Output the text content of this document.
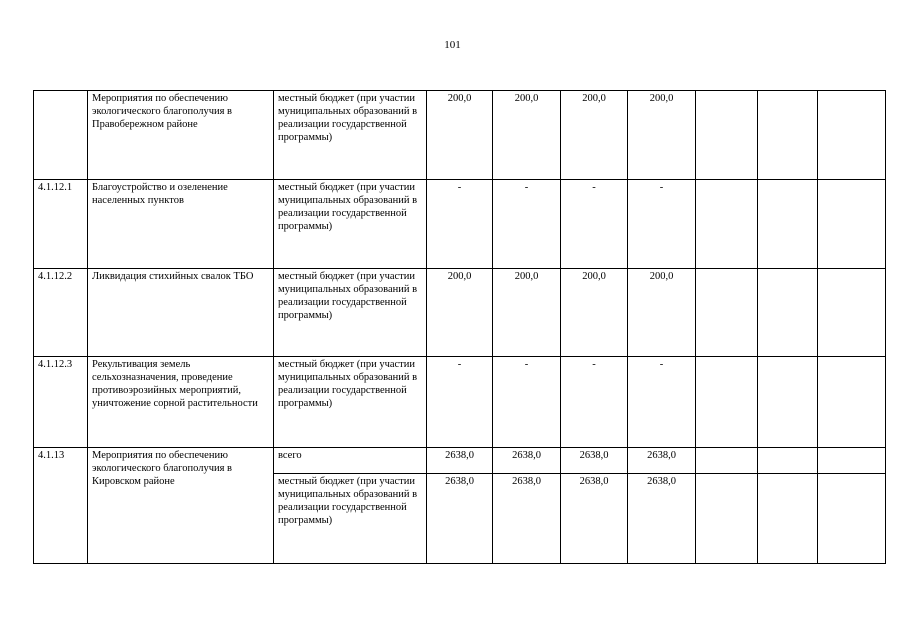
101
	Мероприятия по обеспечению экологического благополучия в Правобережном районе	местный бюджет (при участии муниципальных образований в реализации государственной программы)	200,0	200,0	200,0	200,0			
4.1.12.1	Благоустройство и озеленение населенных пунктов	местный бюджет (при участии муниципальных образований в реализации государственной программы)	-	-	-	-			
4.1.12.2	Ликвидация стихийных свалок ТБО	местный бюджет (при участии муниципальных образований в реализации государственной программы)	200,0	200,0	200,0	200,0			
4.1.12.3	Рекультивация земель сельхозназначения, проведение противоэрозийных мероприятий, уничтожение сорной растительности	местный бюджет (при участии муниципальных образований в реализации государственной программы)	-	-	-	-			
4.1.13	Мероприятия по обеспечению экологического благополучия в Кировском районе	всего	2638,0	2638,0	2638,0	2638,0			
		местный бюджет (при участии муниципальных образований в реализации государственной программы)	2638,0	2638,0	2638,0	2638,0			
